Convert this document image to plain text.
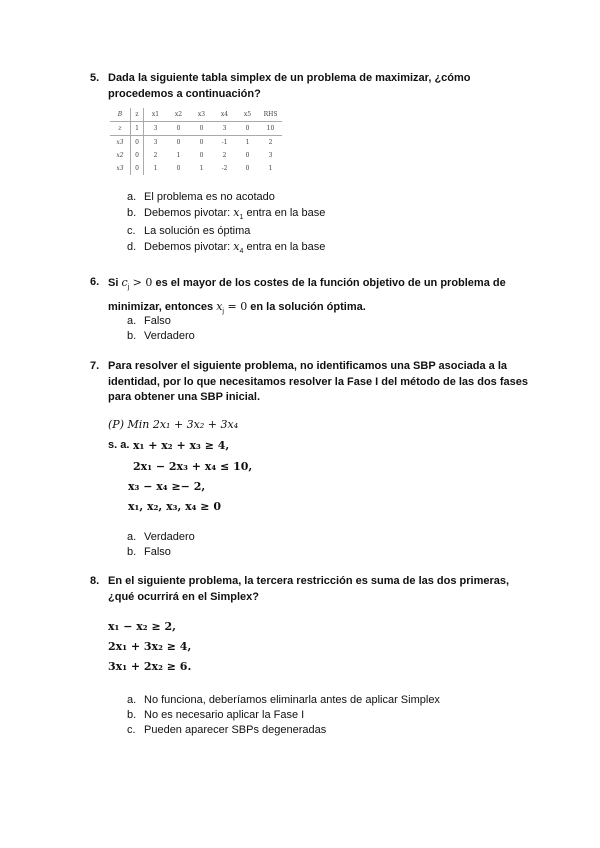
5. Dada la siguiente tabla simplex de un problema de maximizar, ¿cómo procedemos a continuación?
B	z	x1	x2	x3	x4	x5	RHS
z	1	3	0	0	3	0	10
x3	0	3	0	0	-1	1	2
x2	0	2	1	0	2	0	3
x3	0	1	0	1	-2	0	1
a. El problema es no acotado
b. Debemos pivotar: $x_1$ entra en la base
c. La solución es óptima
d. Debemos pivotar: $x_4$ entra en la base
6. Si $c_j > 0$ es el mayor de los costes de la función objetivo de un problema de
minimizar, entonces $x_j = 0$ en la solución óptima.
a. Falso
b. Verdadero
7. Para resolver el siguiente problema, no identificamos una SBP asociada a la identidad, por lo que necesitamos resolver la Fase I del método de las dos fases para obtener una SBP inicial.
(P) Min 2x₁ + 3x₂ + 3x₄
s. a. x₁ + x₂ + x₃ ≥ 4,
2x₁ − 2x₃ + x₄ ≤ 10,
x₃ − x₄ ≥− 2,
x₁, x₂, x₃, x₄ ≥ 0
a. Verdadero
b. Falso
8. En el siguiente problema, la tercera restricción es suma de las dos primeras, ¿qué ocurrirá en el Simplex?
x₁ − x₂ ≥ 2,
2x₁ + 3x₂ ≥ 4,
3x₁ + 2x₂ ≥ 6.
a. No funciona, deberíamos eliminarla antes de aplicar Simplex
b. No es necesario aplicar la Fase I
c. Pueden aparecer SBPs degeneradas
